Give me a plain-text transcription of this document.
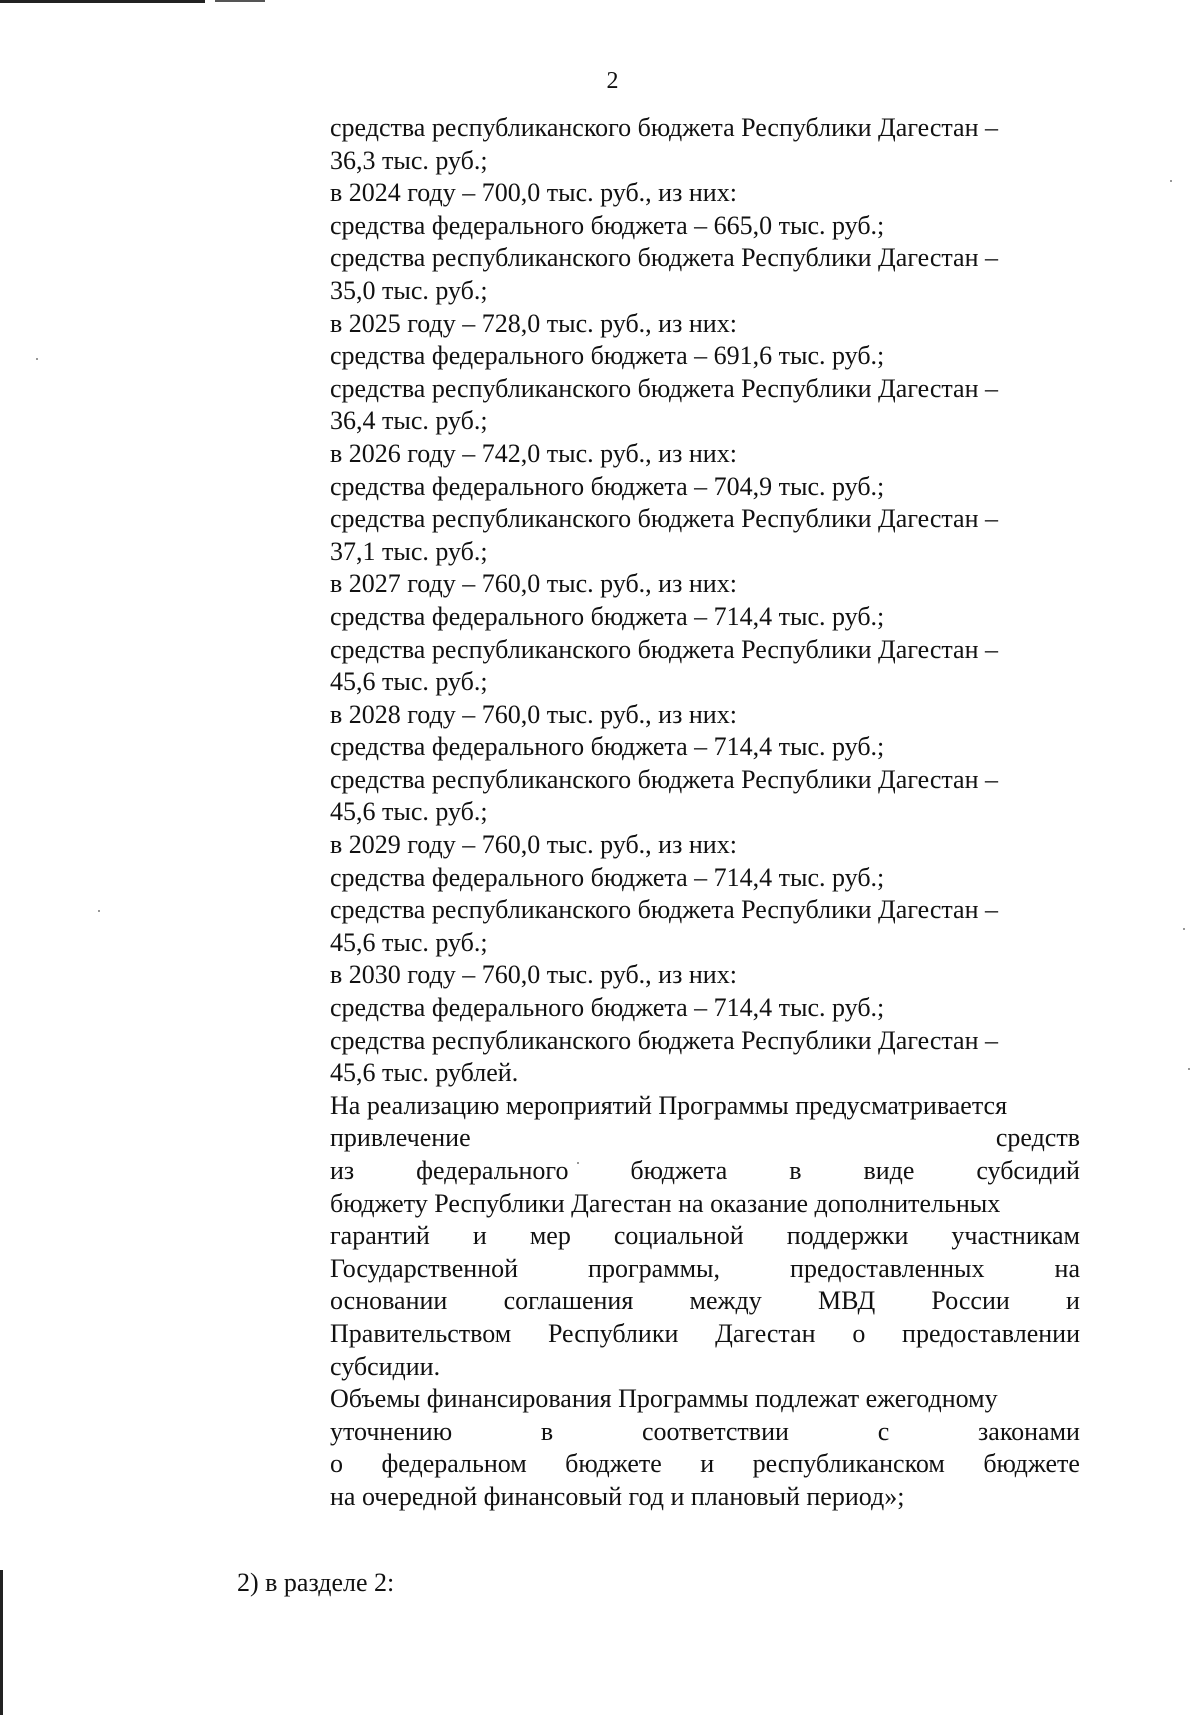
2
средства республиканского бюджета Республики Дагестан –
36,3 тыс. руб.;
в 2024 году – 700,0 тыс. руб., из них:
средства федерального бюджета – 665,0 тыс. руб.;
средства республиканского бюджета Республики Дагестан –
35,0 тыс. руб.;
в 2025 году – 728,0 тыс. руб., из них:
средства федерального бюджета – 691,6 тыс. руб.;
средства республиканского бюджета Республики Дагестан –
36,4 тыс. руб.;
в 2026 году – 742,0 тыс. руб., из них:
средства федерального бюджета – 704,9 тыс. руб.;
средства республиканского бюджета Республики Дагестан –
37,1 тыс. руб.;
в 2027 году – 760,0 тыс. руб., из них:
средства федерального бюджета – 714,4 тыс. руб.;
средства республиканского бюджета Республики Дагестан –
45,6 тыс. руб.;
в 2028 году – 760,0 тыс. руб., из них:
средства федерального бюджета – 714,4 тыс. руб.;
средства республиканского бюджета Республики Дагестан –
45,6 тыс. руб.;
в 2029 году – 760,0 тыс. руб., из них:
средства федерального бюджета – 714,4 тыс. руб.;
средства республиканского бюджета Республики Дагестан –
45,6 тыс. руб.;
в 2030 году – 760,0 тыс. руб., из них:
средства федерального бюджета – 714,4 тыс. руб.;
средства республиканского бюджета Республики Дагестан –
45,6 тыс. рублей.
На реализацию мероприятий Программы предусматривается
привлечение	средств
из федерального бюджета в виде субсидий
бюджету Республики Дагестан на оказание дополнительных
гарантий и мер социальной поддержки участникам
Государственной	программы,	предоставленных	на
основании соглашения между МВД России и
Правительством Республики Дагестан о предоставлении
субсидии.
Объемы финансирования Программы подлежат ежегодному
уточнению	в	соответствии	с	законами
о федеральном бюджете и республиканском бюджете
на очередной финансовый год и плановый период»;
2) в разделе 2:
